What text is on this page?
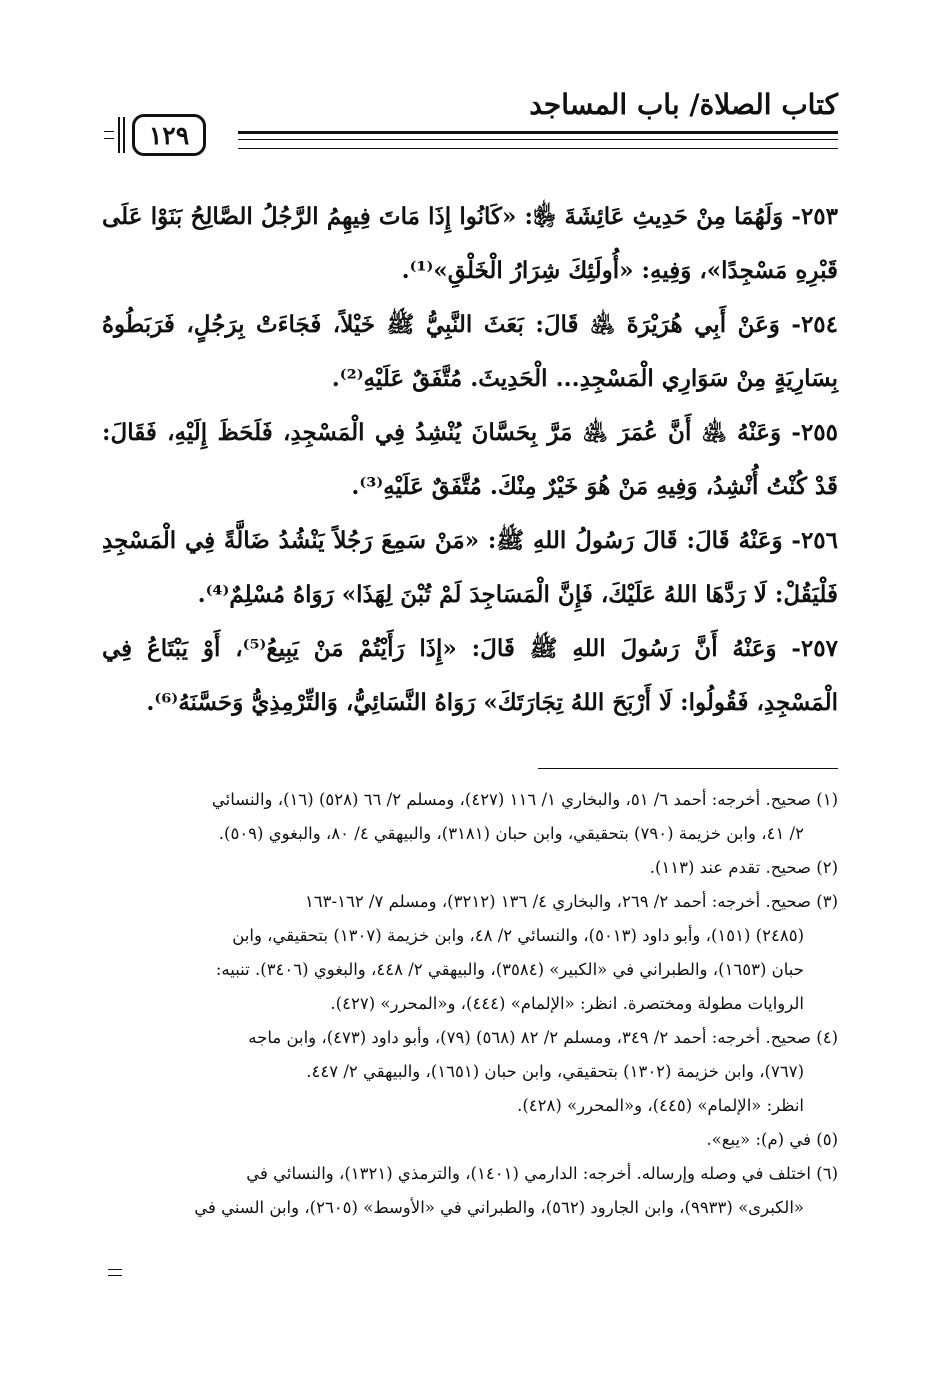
كتاب الصلاة/ باب المساجد
١٢٩

٢٥٣- وَلَهُمَا مِنْ حَدِيثِ عَائِشَةَ ﵂: «كَانُوا إِذَا مَاتَ فِيهِمُ الرَّجُلُ الصَّالِحُ بَنَوْا عَلَى قَبْرِهِ مَسْجِدًا»، وَفِيهِ: «أُولَئِكَ شِرَارُ الْخَلْقِ»⁽¹⁾.

٢٥٤- وَعَنْ أَبِي هُرَيْرَةَ ﵁ قَالَ: بَعَثَ النَّبِيُّ ﷺ خَيْلاً، فَجَاءَتْ بِرَجُلٍ، فَرَبَطُوهُ بِسَارِيَةٍ مِنْ سَوَارِي الْمَسْجِدِ... الْحَدِيثَ. مُتَّفَقٌ عَلَيْهِ⁽²⁾.

٢٥٥- وَعَنْهُ ﵁ أَنَّ عُمَرَ ﵁ مَرَّ بِحَسَّانَ يُنْشِدُ فِي الْمَسْجِدِ، فَلَحَظَ إِلَيْهِ، فَقَالَ: قَدْ كُنْتُ أُنْشِدُ، وَفِيهِ مَنْ هُوَ خَيْرٌ مِنْكَ. مُتَّفَقٌ عَلَيْهِ⁽³⁾.

٢٥٦- وَعَنْهُ قَالَ: قَالَ رَسُولُ اللهِ ﷺ: «مَنْ سَمِعَ رَجُلاً يَنْشُدُ ضَالَّةً فِي الْمَسْجِدِ فَلْيَقُلْ: لَا رَدَّهَا اللهُ عَلَيْكَ، فَإِنَّ الْمَسَاجِدَ لَمْ تُبْنَ لِهَذَا» رَوَاهُ مُسْلِمٌ⁽⁴⁾.

٢٥٧- وَعَنْهُ أَنَّ رَسُولَ اللهِ ﷺ قَالَ: «إِذَا رَأَيْتُمْ مَنْ يَبِيعُ⁽⁵⁾، أَوْ يَبْتَاعُ فِي الْمَسْجِدِ، فَقُولُوا: لَا أَرْبَحَ اللهُ تِجَارَتَكَ» رَوَاهُ النَّسَائِيُّ، وَالتِّرْمِذِيُّ وَحَسَّنَهُ⁽⁶⁾.

(١) صحيح. أخرجه: أحمد ٦/ ٥١، والبخاري ١/ ١١٦ (٤٢٧)، ومسلم ٢/ ٦٦ (٥٢٨) (١٦)، والنسائي

٢/ ٤١، وابن خزيمة (٧٩٠) بتحقيقي، وابن حبان (٣١٨١)، والبيهقي ٤/ ٨٠، والبغوي (٥٠٩).

(٢) صحيح. تقدم عند (١١٣).

(٣) صحيح. أخرجه: أحمد ٢/ ٢٦٩، والبخاري ٤/ ١٣٦ (٣٢١٢)، ومسلم ٧/ ١٦٢-١٦٣

(٢٤٨٥) (١٥١)، وأبو داود (٥٠١٣)، والنسائي ٢/ ٤٨، وابن خزيمة (١٣٠٧) بتحقيقي، وابن

حبان (١٦٥٣)، والطبراني في «الكبير» (٣٥٨٤)، والبيهقي ٢/ ٤٤٨، والبغوي (٣٤٠٦). تنبيه:

الروايات مطولة ومختصرة. انظر: «الإلمام» (٤٤٤)، و«المحرر» (٤٢٧).

(٤) صحيح. أخرجه: أحمد ٢/ ٣٤٩، ومسلم ٢/ ٨٢ (٥٦٨) (٧٩)، وأبو داود (٤٧٣)، وابن ماجه

(٧٦٧)، وابن خزيمة (١٣٠٢) بتحقيقي، وابن حبان (١٦٥١)، والبيهقي ٢/ ٤٤٧.

انظر: «الإلمام» (٤٤٥)، و«المحرر» (٤٢٨).

(٥) في (م): «يبع».

(٦) اختلف في وصله وإرساله. أخرجه: الدارمي (١٤٠١)، والترمذي (١٣٢١)، والنسائي في

«الكبرى» (٩٩٣٣)، وابن الجارود (٥٦٢)، والطبراني في «الأوسط» (٢٦٠٥)، وابن السني في
